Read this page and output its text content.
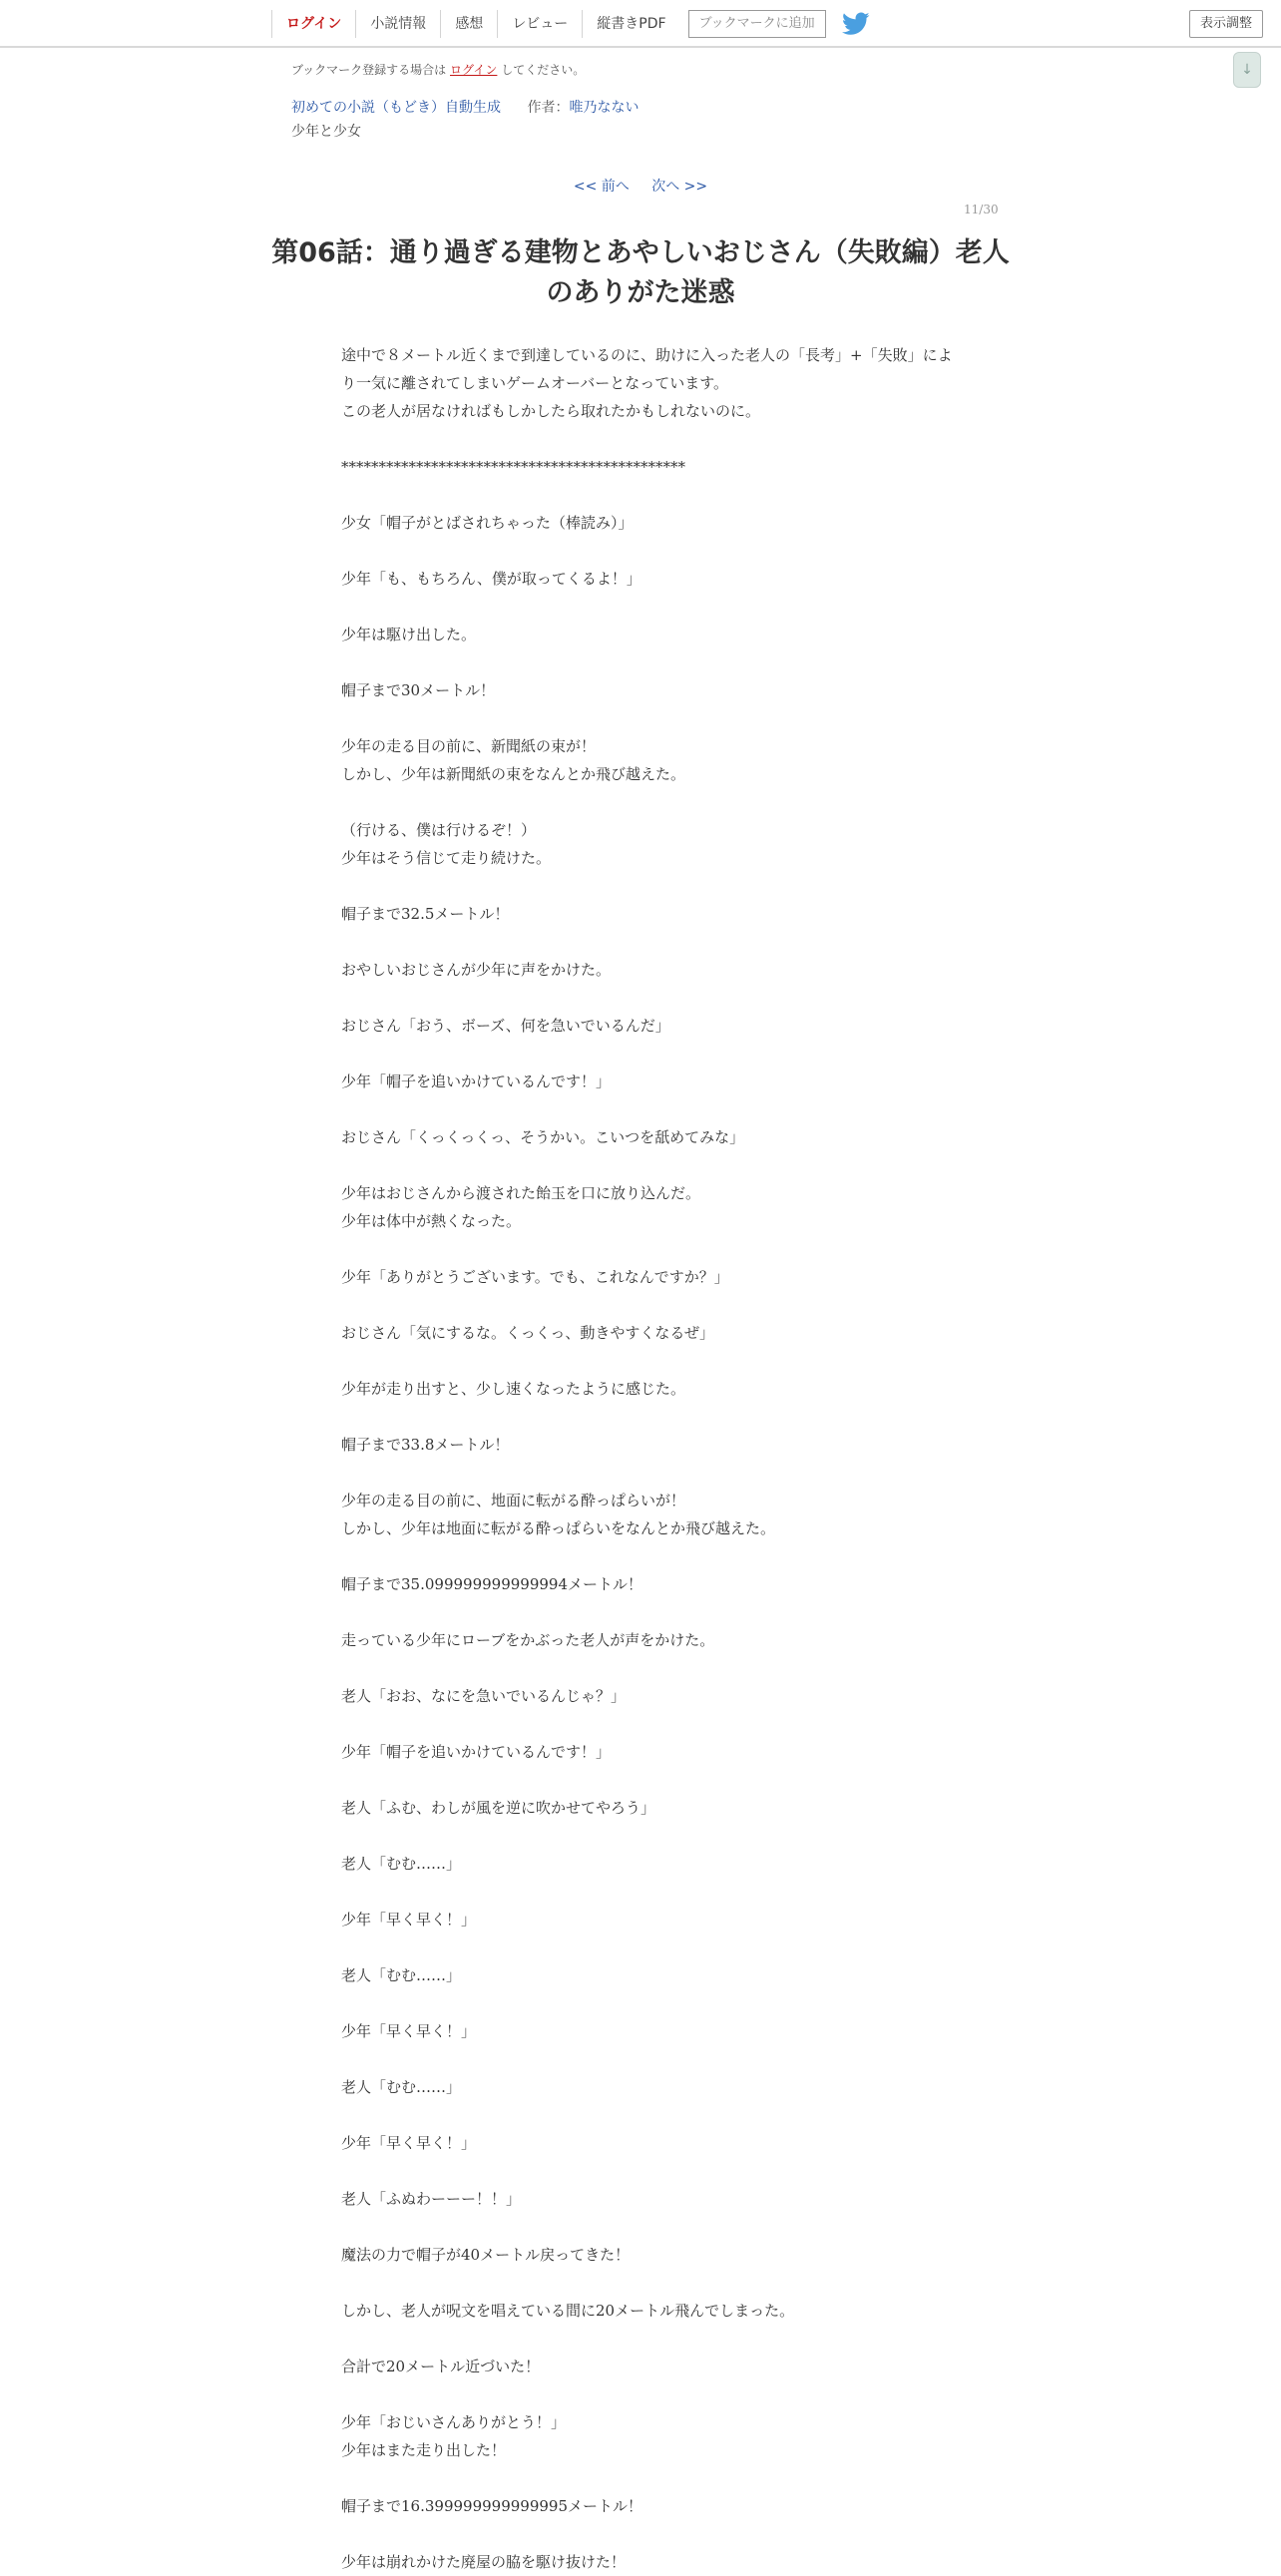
ログイン	小説情報	感想	レビュー	縦書きPDF	ブックマークに追加	表示調整
↓
ブックマーク登録する場合は ログイン してください。
初めての小説（もどき）自動生成 作者：唯乃なない
少年と少女
<< 前へ 次へ >>
11/30
第06話：通り過ぎる建物とあやしいおじさん（失敗編）老人のありがた迷惑

途中で８メートル近くまで到達しているのに、助けに入った老人の「長考」+「失敗」により一気に離されてしまいゲームオーバーとなっています。
この老人が居なければもしかしたら取れたかもしれないのに。

**********************************************

少女「帽子がとばされちゃった（棒読み）」

少年「も、もちろん、僕が取ってくるよ！」

少年は駆け出した。

帽子まで30メートル！

少年の走る目の前に、新聞紙の束が！
しかし、少年は新聞紙の束をなんとか飛び越えた。

（行ける、僕は行けるぞ！）
少年はそう信じて走り続けた。

帽子まで32.5メートル！

おやしいおじさんが少年に声をかけた。

おじさん「おう、ボーズ、何を急いでいるんだ」

少年「帽子を追いかけているんです！」

おじさん「くっくっくっ、そうかい。こいつを舐めてみな」

少年はおじさんから渡された飴玉を口に放り込んだ。
少年は体中が熱くなった。

少年「ありがとうございます。でも、これなんですか？」

おじさん「気にするな。くっくっ、動きやすくなるぜ」

少年が走り出すと、少し速くなったように感じた。

帽子まで33.8メートル！

少年の走る目の前に、地面に転がる酔っぱらいが！
しかし、少年は地面に転がる酔っぱらいをなんとか飛び越えた。

帽子まで35.099999999999994メートル！

走っている少年にローブをかぶった老人が声をかけた。

老人「おお、なにを急いでいるんじゃ？」

少年「帽子を追いかけているんです！」

老人「ふむ、わしが風を逆に吹かせてやろう」

老人「むむ……」

少年「早く早く！」

老人「むむ……」

少年「早く早く！」

老人「むむ……」

少年「早く早く！」

老人「ふぬわーーー！！」

魔法の力で帽子が40メートル戻ってきた！

しかし、老人が呪文を唱えている間に20メートル飛んでしまった。

合計で20メートル近づいた！

少年「おじいさんありがとう！」
少年はまた走り出した！

帽子まで16.399999999999995メートル！

少年は崩れかけた廃屋の脇を駆け抜けた！
